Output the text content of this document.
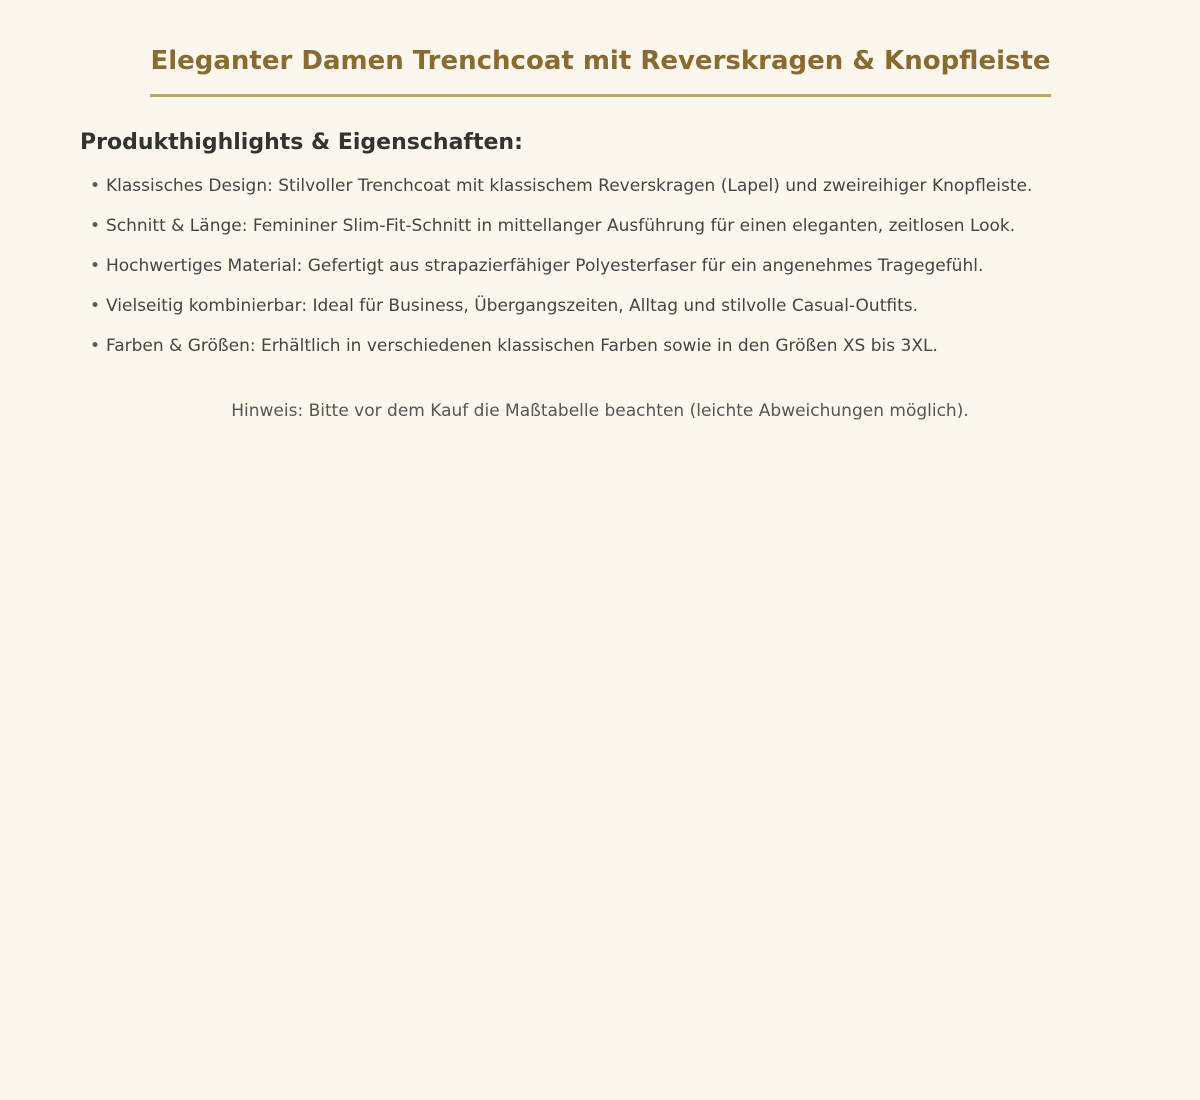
Eleganter Damen Trenchcoat mit Reverskragen & Knopfleiste
Produkthighlights & Eigenschaften:
• Klassisches Design: Stilvoller Trenchcoat mit klassischem Reverskragen (Lapel) und zweireihiger Knopfleiste.
• Schnitt & Länge: Femininer Slim-Fit-Schnitt in mittellanger Ausführung für einen eleganten, zeitlosen Look.
• Hochwertiges Material: Gefertigt aus strapazierfähiger Polyesterfaser für ein angenehmes Tragegefühl.
• Vielseitig kombinierbar: Ideal für Business, Übergangszeiten, Alltag und stilvolle Casual-Outfits.
• Farben & Größen: Erhältlich in verschiedenen klassischen Farben sowie in den Größen XS bis 3XL.
Hinweis: Bitte vor dem Kauf die Maßtabelle beachten (leichte Abweichungen möglich).
